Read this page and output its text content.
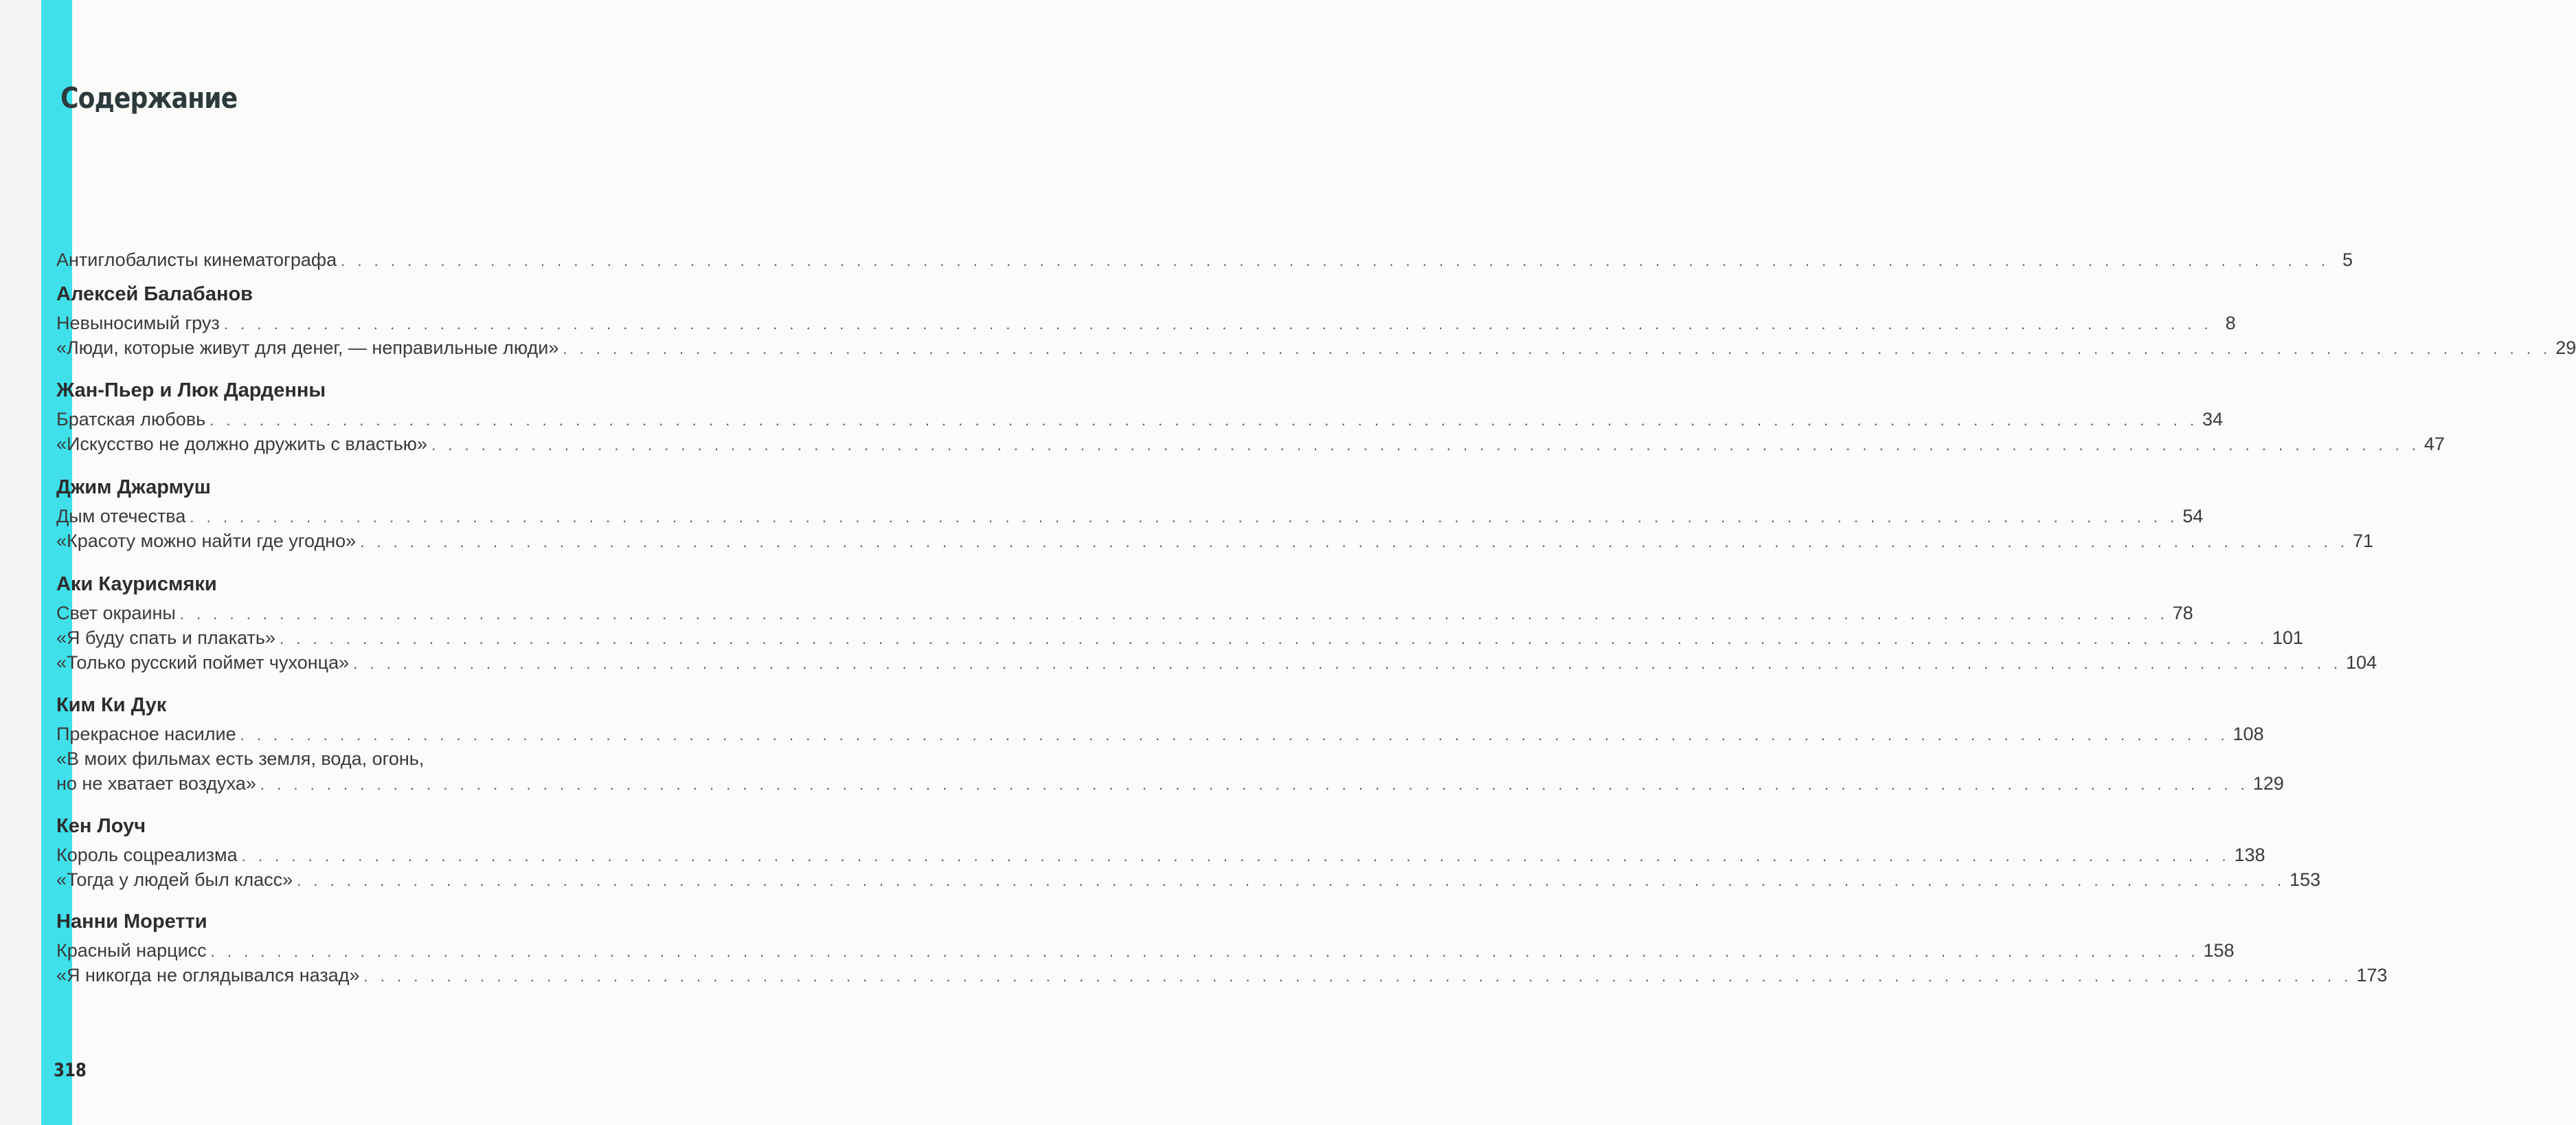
Содержание
Антиглобалисты кинематографа . . . . . . . . . . . . . . . . . . . . . . . . . . . . . . . . . . . . . . . . . . . . . . . . . . . . . . . . . . . . . . . . . . . . . . . . . . . . . . . . . . . . . . . . . . . . . . . . . . . . . . . . . . . . . . . . . . . . . . . . 5
Алексей Балабанов
Невыносимый груз . . . . . . . . . . . . . . . . . . . . . . . . . . . . . . . . . . . . . . . . . . . . . . . . . . . . . . . . . . . . . . . . . . . . . . . . . . . . . . . . . . . . . . . . . . . . . . . . . . . . . . . . . . . . . . . . . . . . . . . . 8
«Люди, которые живут для денег, — неправильные люди» . . . . . . . . . . . . . . . . . . . . . . . . . . . . . . . . . . . . . . . . . . . . . . . . . . . . . . . . . . . . . . . . . . . . . . . . . . . . . . . . . . . . . . . . . . . . . . . . . . . . . . . . . . . . . . . . . . . . . . . . 29
Жан-Пьер и Люк Дарденны
Братская любовь . . . . . . . . . . . . . . . . . . . . . . . . . . . . . . . . . . . . . . . . . . . . . . . . . . . . . . . . . . . . . . . . . . . . . . . . . . . . . . . . . . . . . . . . . . . . . . . . . . . . . . . . . . . . . . . . . . . . . . . . 34
«Искусство не должно дружить с властью» . . . . . . . . . . . . . . . . . . . . . . . . . . . . . . . . . . . . . . . . . . . . . . . . . . . . . . . . . . . . . . . . . . . . . . . . . . . . . . . . . . . . . . . . . . . . . . . . . . . . . . . . . . . . . . . . . . . . . . . . 47
Джим Джармуш
Дым отечества . . . . . . . . . . . . . . . . . . . . . . . . . . . . . . . . . . . . . . . . . . . . . . . . . . . . . . . . . . . . . . . . . . . . . . . . . . . . . . . . . . . . . . . . . . . . . . . . . . . . . . . . . . . . . . . . . . . . . . . . 54
«Красоту можно найти где угодно» . . . . . . . . . . . . . . . . . . . . . . . . . . . . . . . . . . . . . . . . . . . . . . . . . . . . . . . . . . . . . . . . . . . . . . . . . . . . . . . . . . . . . . . . . . . . . . . . . . . . . . . . . . . . . . . . . . . . . . . . 71
Аки Каурисмяки
Свет окраины . . . . . . . . . . . . . . . . . . . . . . . . . . . . . . . . . . . . . . . . . . . . . . . . . . . . . . . . . . . . . . . . . . . . . . . . . . . . . . . . . . . . . . . . . . . . . . . . . . . . . . . . . . . . . . . . . . . . . . . . 78
«Я буду спать и плакать» . . . . . . . . . . . . . . . . . . . . . . . . . . . . . . . . . . . . . . . . . . . . . . . . . . . . . . . . . . . . . . . . . . . . . . . . . . . . . . . . . . . . . . . . . . . . . . . . . . . . . . . . . . . . . . . . . . . . . . . . 101
«Только русский поймет чухонца» . . . . . . . . . . . . . . . . . . . . . . . . . . . . . . . . . . . . . . . . . . . . . . . . . . . . . . . . . . . . . . . . . . . . . . . . . . . . . . . . . . . . . . . . . . . . . . . . . . . . . . . . . . . . . . . . . . . . . . . . 104
Ким Ки Дук
Прекрасное насилие . . . . . . . . . . . . . . . . . . . . . . . . . . . . . . . . . . . . . . . . . . . . . . . . . . . . . . . . . . . . . . . . . . . . . . . . . . . . . . . . . . . . . . . . . . . . . . . . . . . . . . . . . . . . . . . . . . . . . . . . 108
«В моих фильмах есть земля, вода, огонь,
но не хватает воздуха» . . . . . . . . . . . . . . . . . . . . . . . . . . . . . . . . . . . . . . . . . . . . . . . . . . . . . . . . . . . . . . . . . . . . . . . . . . . . . . . . . . . . . . . . . . . . . . . . . . . . . . . . . . . . . . . . . . . . . . . . 129
Кен Лоуч
Король соцреализма . . . . . . . . . . . . . . . . . . . . . . . . . . . . . . . . . . . . . . . . . . . . . . . . . . . . . . . . . . . . . . . . . . . . . . . . . . . . . . . . . . . . . . . . . . . . . . . . . . . . . . . . . . . . . . . . . . . . . . . . 138
«Тогда у людей был класс» . . . . . . . . . . . . . . . . . . . . . . . . . . . . . . . . . . . . . . . . . . . . . . . . . . . . . . . . . . . . . . . . . . . . . . . . . . . . . . . . . . . . . . . . . . . . . . . . . . . . . . . . . . . . . . . . . . . . . . . . 153
Нанни Моретти
Красный нарцисс . . . . . . . . . . . . . . . . . . . . . . . . . . . . . . . . . . . . . . . . . . . . . . . . . . . . . . . . . . . . . . . . . . . . . . . . . . . . . . . . . . . . . . . . . . . . . . . . . . . . . . . . . . . . . . . . . . . . . . . . 158
«Я никогда не оглядывался назад» . . . . . . . . . . . . . . . . . . . . . . . . . . . . . . . . . . . . . . . . . . . . . . . . . . . . . . . . . . . . . . . . . . . . . . . . . . . . . . . . . . . . . . . . . . . . . . . . . . . . . . . . . . . . . . . . . . . . . . . . 173
318
